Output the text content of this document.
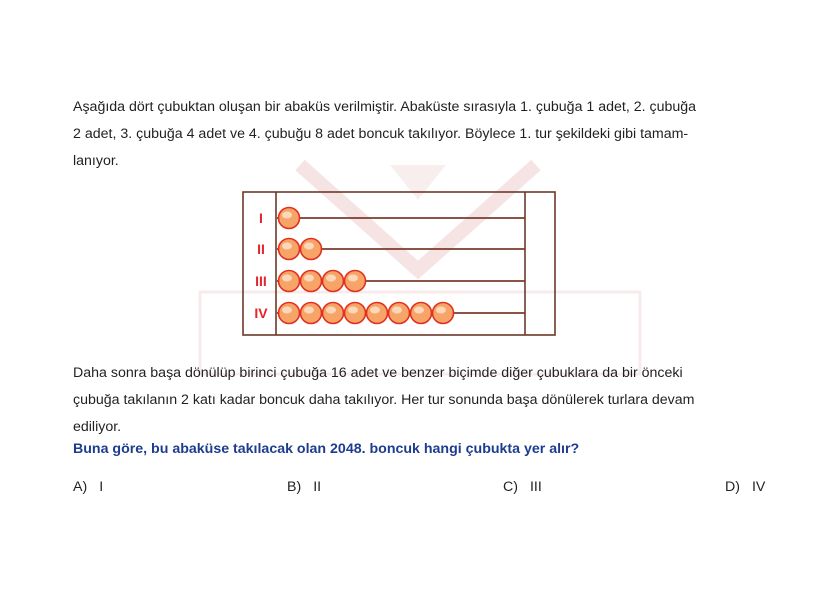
Aşağıda dört çubuktan oluşan bir abaküs verilmiştir. Abaküste sırasıyla 1. çubuğa 1 adet, 2. çubuğa
2 adet, 3. çubuğa 4 adet ve 4. çubuğu 8 adet boncuk takılıyor. Böylece 1. tur şekildeki gibi tamam-
lanıyor.
I
II
III
IV
Daha sonra başa dönülüp birinci çubuğa 16 adet ve benzer biçimde diğer çubuklara da bir önceki
çubuğa takılanın 2 katı kadar boncuk daha takılıyor. Her tur sonunda başa dönülerek turlara devam
ediliyor.
Buna göre, bu abaküse takılacak olan 2048. boncuk hangi çubukta yer alır?
A) I	B) II	C) III	D) IV
